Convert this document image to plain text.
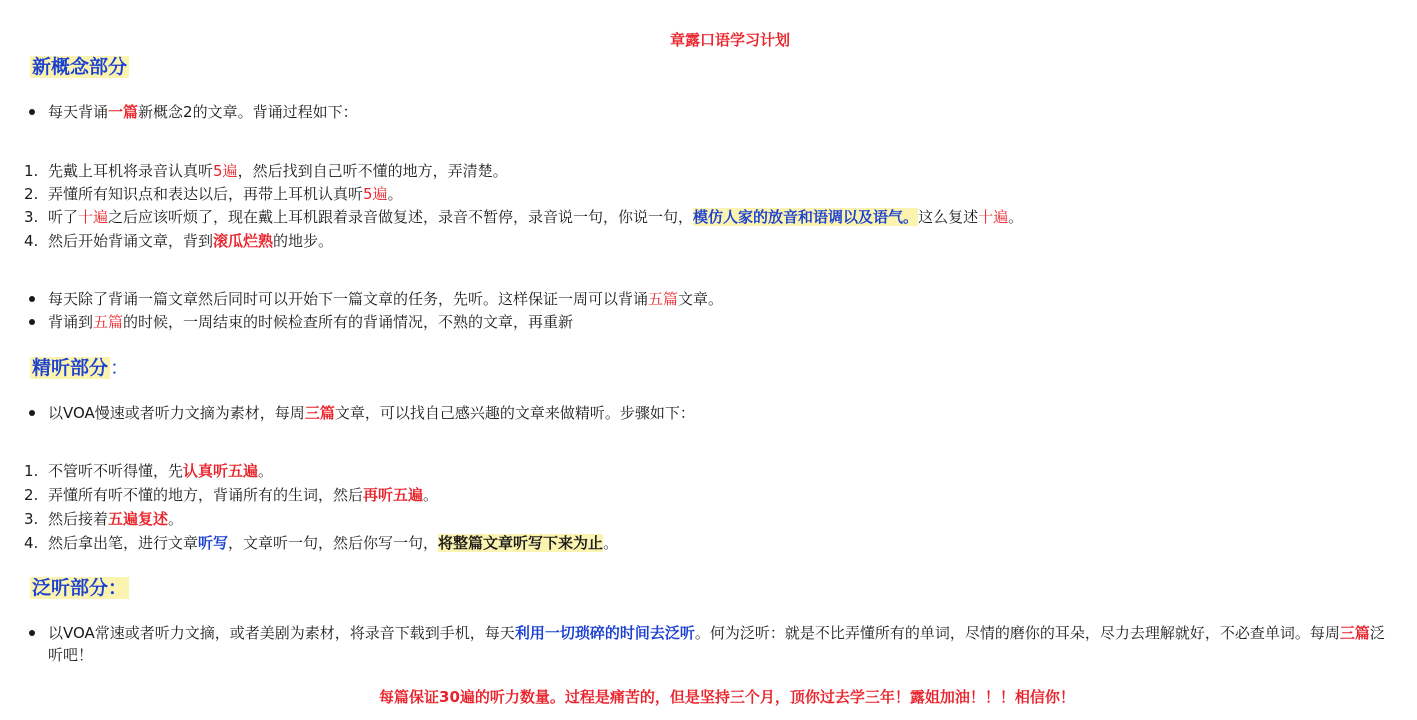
章露口语学习计划
新概念部分
每天背诵一篇新概念2的文章。背诵过程如下：
1. 先戴上耳机将录音认真听5遍，然后找到自己听不懂的地方，弄清楚。
2. 弄懂所有知识点和表达以后，再带上耳机认真听5遍。
3. 听了十遍之后应该听烦了，现在戴上耳机跟着录音做复述，录音不暂停，录音说一句，你说一句，模仿人家的放音和语调以及语气。这么复述十遍。
4. 然后开始背诵文章，背到滚瓜烂熟的地步。
每天除了背诵一篇文章然后同时可以开始下一篇文章的任务，先听。这样保证一周可以背诵五篇文章。
背诵到五篇的时候，一周结束的时候检查所有的背诵情况，不熟的文章，再重新
精听部分 ：
以VOA慢速或者听力文摘为素材，每周三篇文章，可以找自己感兴趣的文章来做精听。步骤如下：
1. 不管听不听得懂，先认真听五遍。
2. 弄懂所有听不懂的地方，背诵所有的生词，然后再听五遍。
3. 然后接着五遍复述。
4. 然后拿出笔，进行文章听写，文章听一句，然后你写一句，将整篇文章听写下来为止。
泛听部分：
以VOA常速或者听力文摘，或者美剧为素材，将录音下载到手机，每天利用一切琐碎的时间去泛听。何为泛听：就是不比弄懂所有的单词，尽情的磨你的耳朵，尽力去理解就好，不必查单词。每周三篇泛听吧！
每篇保证30遍的听力数量。过程是痛苦的，但是坚持三个月，顶你过去学三年！露姐加油！！！相信你！
